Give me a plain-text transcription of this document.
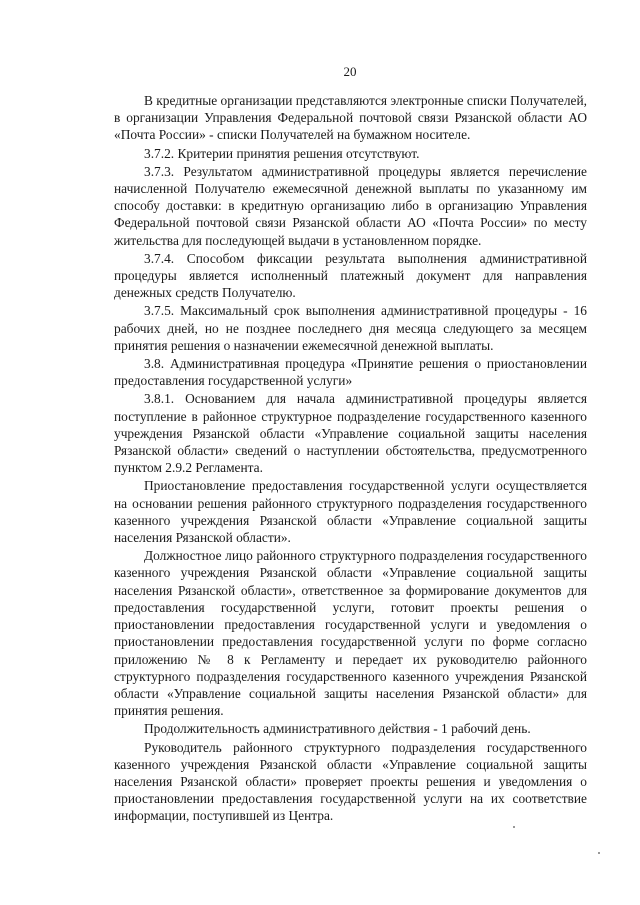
20

В кредитные организации представляются электронные списки Получателей, в организации Управления Федеральной почтовой связи Рязанской области АО «Почта России» - списки Получателей на бумажном носителе.

3.7.2. Критерии принятия решения отсутствуют.

3.7.3. Результатом административной процедуры является перечисление начисленной Получателю ежемесячной денежной выплаты по указанному им способу доставки: в кредитную организацию либо в организацию Управления Федеральной почтовой связи Рязанской области АО «Почта России» по месту жительства для последующей выдачи в установленном порядке.

3.7.4. Способом фиксации результата выполнения административной процедуры является исполненный платежный документ для направления денежных средств Получателю.

3.7.5. Максимальный срок выполнения административной процедуры - 16 рабочих дней, но не позднее последнего дня месяца следующего за месяцем принятия решения о назначении ежемесячной денежной выплаты.

3.8. Административная процедура «Принятие решения о приостановлении предоставления государственной услуги»

3.8.1. Основанием для начала административной процедуры является поступление в районное структурное подразделение государственного казенного учреждения Рязанской области «Управление социальной защиты населения Рязанской области» сведений о наступлении обстоятельства, предусмотренного пунктом 2.9.2 Регламента.

Приостановление предоставления государственной услуги осуществляется на основании решения районного структурного подразделения государственного казенного учреждения Рязанской области «Управление социальной защиты населения Рязанской области».

Должностное лицо районного структурного подразделения государственного казенного учреждения Рязанской области «Управление социальной защиты населения Рязанской области», ответственное за формирование документов для предоставления государственной услуги, готовит проекты решения о приостановлении предоставления государственной услуги и уведомления о приостановлении предоставления государственной услуги по форме согласно приложению № 8 к Регламенту и передает их руководителю районного структурного подразделения государственного казенного учреждения Рязанской области «Управление социальной защиты населения Рязанской области» для принятия решения.

Продолжительность административного действия - 1 рабочий день.

Руководитель районного структурного подразделения государственного казенного учреждения Рязанской области «Управление социальной защиты населения Рязанской области» проверяет проекты решения и уведомления о приостановлении предоставления государственной услуги на их соответствие информации, поступившей из Центра.
